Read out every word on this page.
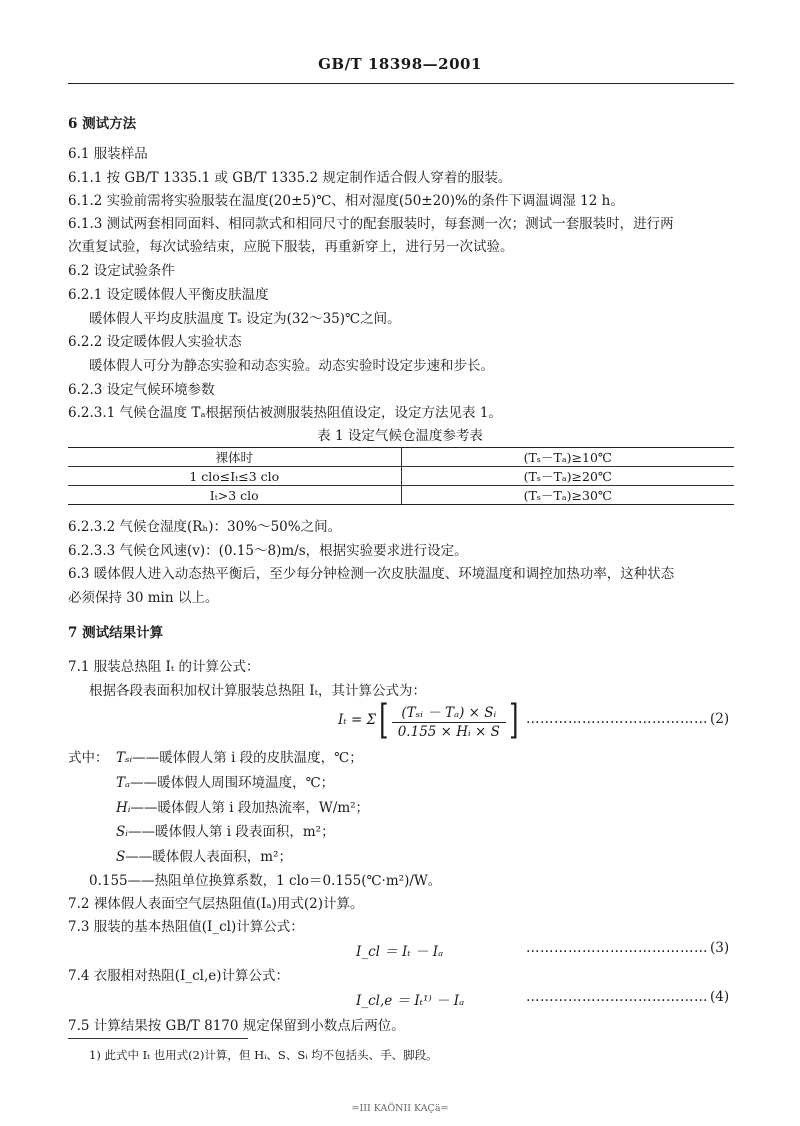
GB/T 18398—2001
6 测试方法
6.1 服装样品
6.1.1 按 GB/T 1335.1 或 GB/T 1335.2 规定制作适合假人穿着的服装。
6.1.2 实验前需将实验服装在温度(20±5)℃、相对湿度(50±20)%的条件下调温调湿 12 h。
6.1.3 测试两套相同面料、相同款式和相同尺寸的配套服装时，每套测一次；测试一套服装时，进行两
次重复试验，每次试验结束，应脱下服装，再重新穿上，进行另一次试验。
6.2 设定试验条件
6.2.1 设定暖体假人平衡皮肤温度
暖体假人平均皮肤温度 Tₛ 设定为(32～35)℃之间。
6.2.2 设定暖体假人实验状态
暖体假人可分为静态实验和动态实验。动态实验时设定步速和步长。
6.2.3 设定气候环境参数
6.2.3.1 气候仓温度 Tₐ根据预估被测服装热阻值设定，设定方法见表 1。
表 1 设定气候仓温度参考表
裸体时	(Tₛ－Tₐ)≥10℃
1 clo≤Iₜ≤3 clo	(Tₛ－Tₐ)≥20℃
Iₜ>3 clo	(Tₛ－Tₐ)≥30℃
6.2.3.2 气候仓湿度(Rₕ)：30%～50%之间。
6.2.3.3 气候仓风速(v)：(0.15～8)m/s，根据实验要求进行设定。
6.3 暖体假人进入动态热平衡后，至少每分钟检测一次皮肤温度、环境温度和调控加热功率，这种状态
必须保持 30 min 以上。
7 测试结果计算
7.1 服装总热阻 Iₜ 的计算公式：
根据各段表面积加权计算服装总热阻 Iₜ，其计算公式为：
Iₜ = Σ [ $\frac{\text{(Tₛᵢ － Tₐ) × Sᵢ}}{\text{0.155 × Hᵢ × S}}$ ] ………………………………… (2)
式中： Tₛᵢ——暖体假人第 i 段的皮肤温度，℃；
Tₐ——暖体假人周围环境温度，℃；
Hᵢ——暖体假人第 i 段加热流率，W/m²；
Sᵢ——暖体假人第 i 段表面积，m²；
S——暖体假人表面积，m²；
0.155——热阻单位换算系数，1 clo＝0.155(℃·m²)/W。
7.2 裸体假人表面空气层热阻值(Iₐ)用式(2)计算。
7.3 服装的基本热阻值(I_cl)计算公式：
I_cl ＝ Iₜ － Iₐ	………………………………… (3)
7.4 衣服相对热阻(I_cl,e)计算公式：
I_cl,e ＝ Iₜ¹⁾ － Iₐ	………………………………… (4)
7.5 计算结果按 GB/T 8170 规定保留到小数点后两位。
1) 此式中 Iₜ 也用式(2)计算，但 Hᵢ、S、Sᵢ 均不包括头、手、脚段。
=III KAÖNII KAÇä=
